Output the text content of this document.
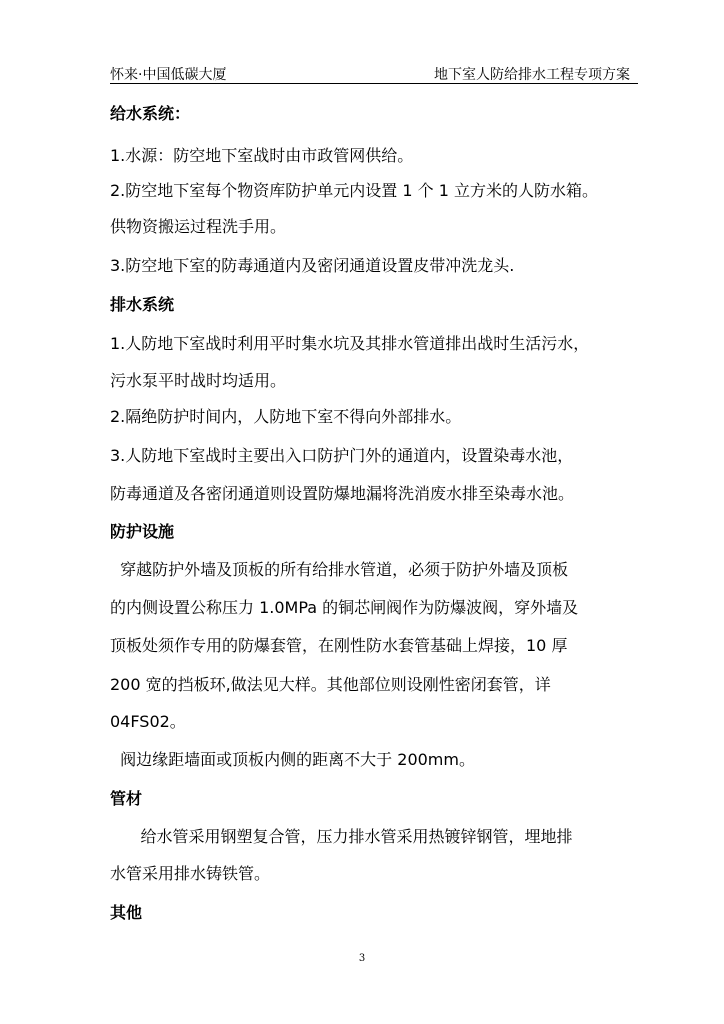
怀来·中国低碳大厦	地下室人防给排水工程专项方案
给水系统：
1.水源：防空地下室战时由市政管网供给。
2.防空地下室每个物资库防护单元内设置 1 个 1 立方米的人防水箱。
供物资搬运过程洗手用。
3.防空地下室的防毒通道内及密闭通道设置皮带冲洗龙头.
排水系统
1.人防地下室战时利用平时集水坑及其排水管道排出战时生活污水，
污水泵平时战时均适用。
2.隔绝防护时间内，人防地下室不得向外部排水。
3.人防地下室战时主要出入口防护门外的通道内，设置染毒水池，
防毒通道及各密闭通道则设置防爆地漏将洗消废水排至染毒水池。
防护设施
穿越防护外墙及顶板的所有给排水管道，必须于防护外墙及顶板
的内侧设置公称压力 1.0MPa 的铜芯闸阀作为防爆波阀，穿外墙及
顶板处须作专用的防爆套管，在刚性防水套管基础上焊接，10 厚
200 宽的挡板环,做法见大样。其他部位则设刚性密闭套管，详
04FS02。
阀边缘距墙面或顶板内侧的距离不大于 200mm。
管材
给水管采用钢塑复合管，压力排水管采用热镀锌钢管，埋地排
水管采用排水铸铁管。
其他
3
